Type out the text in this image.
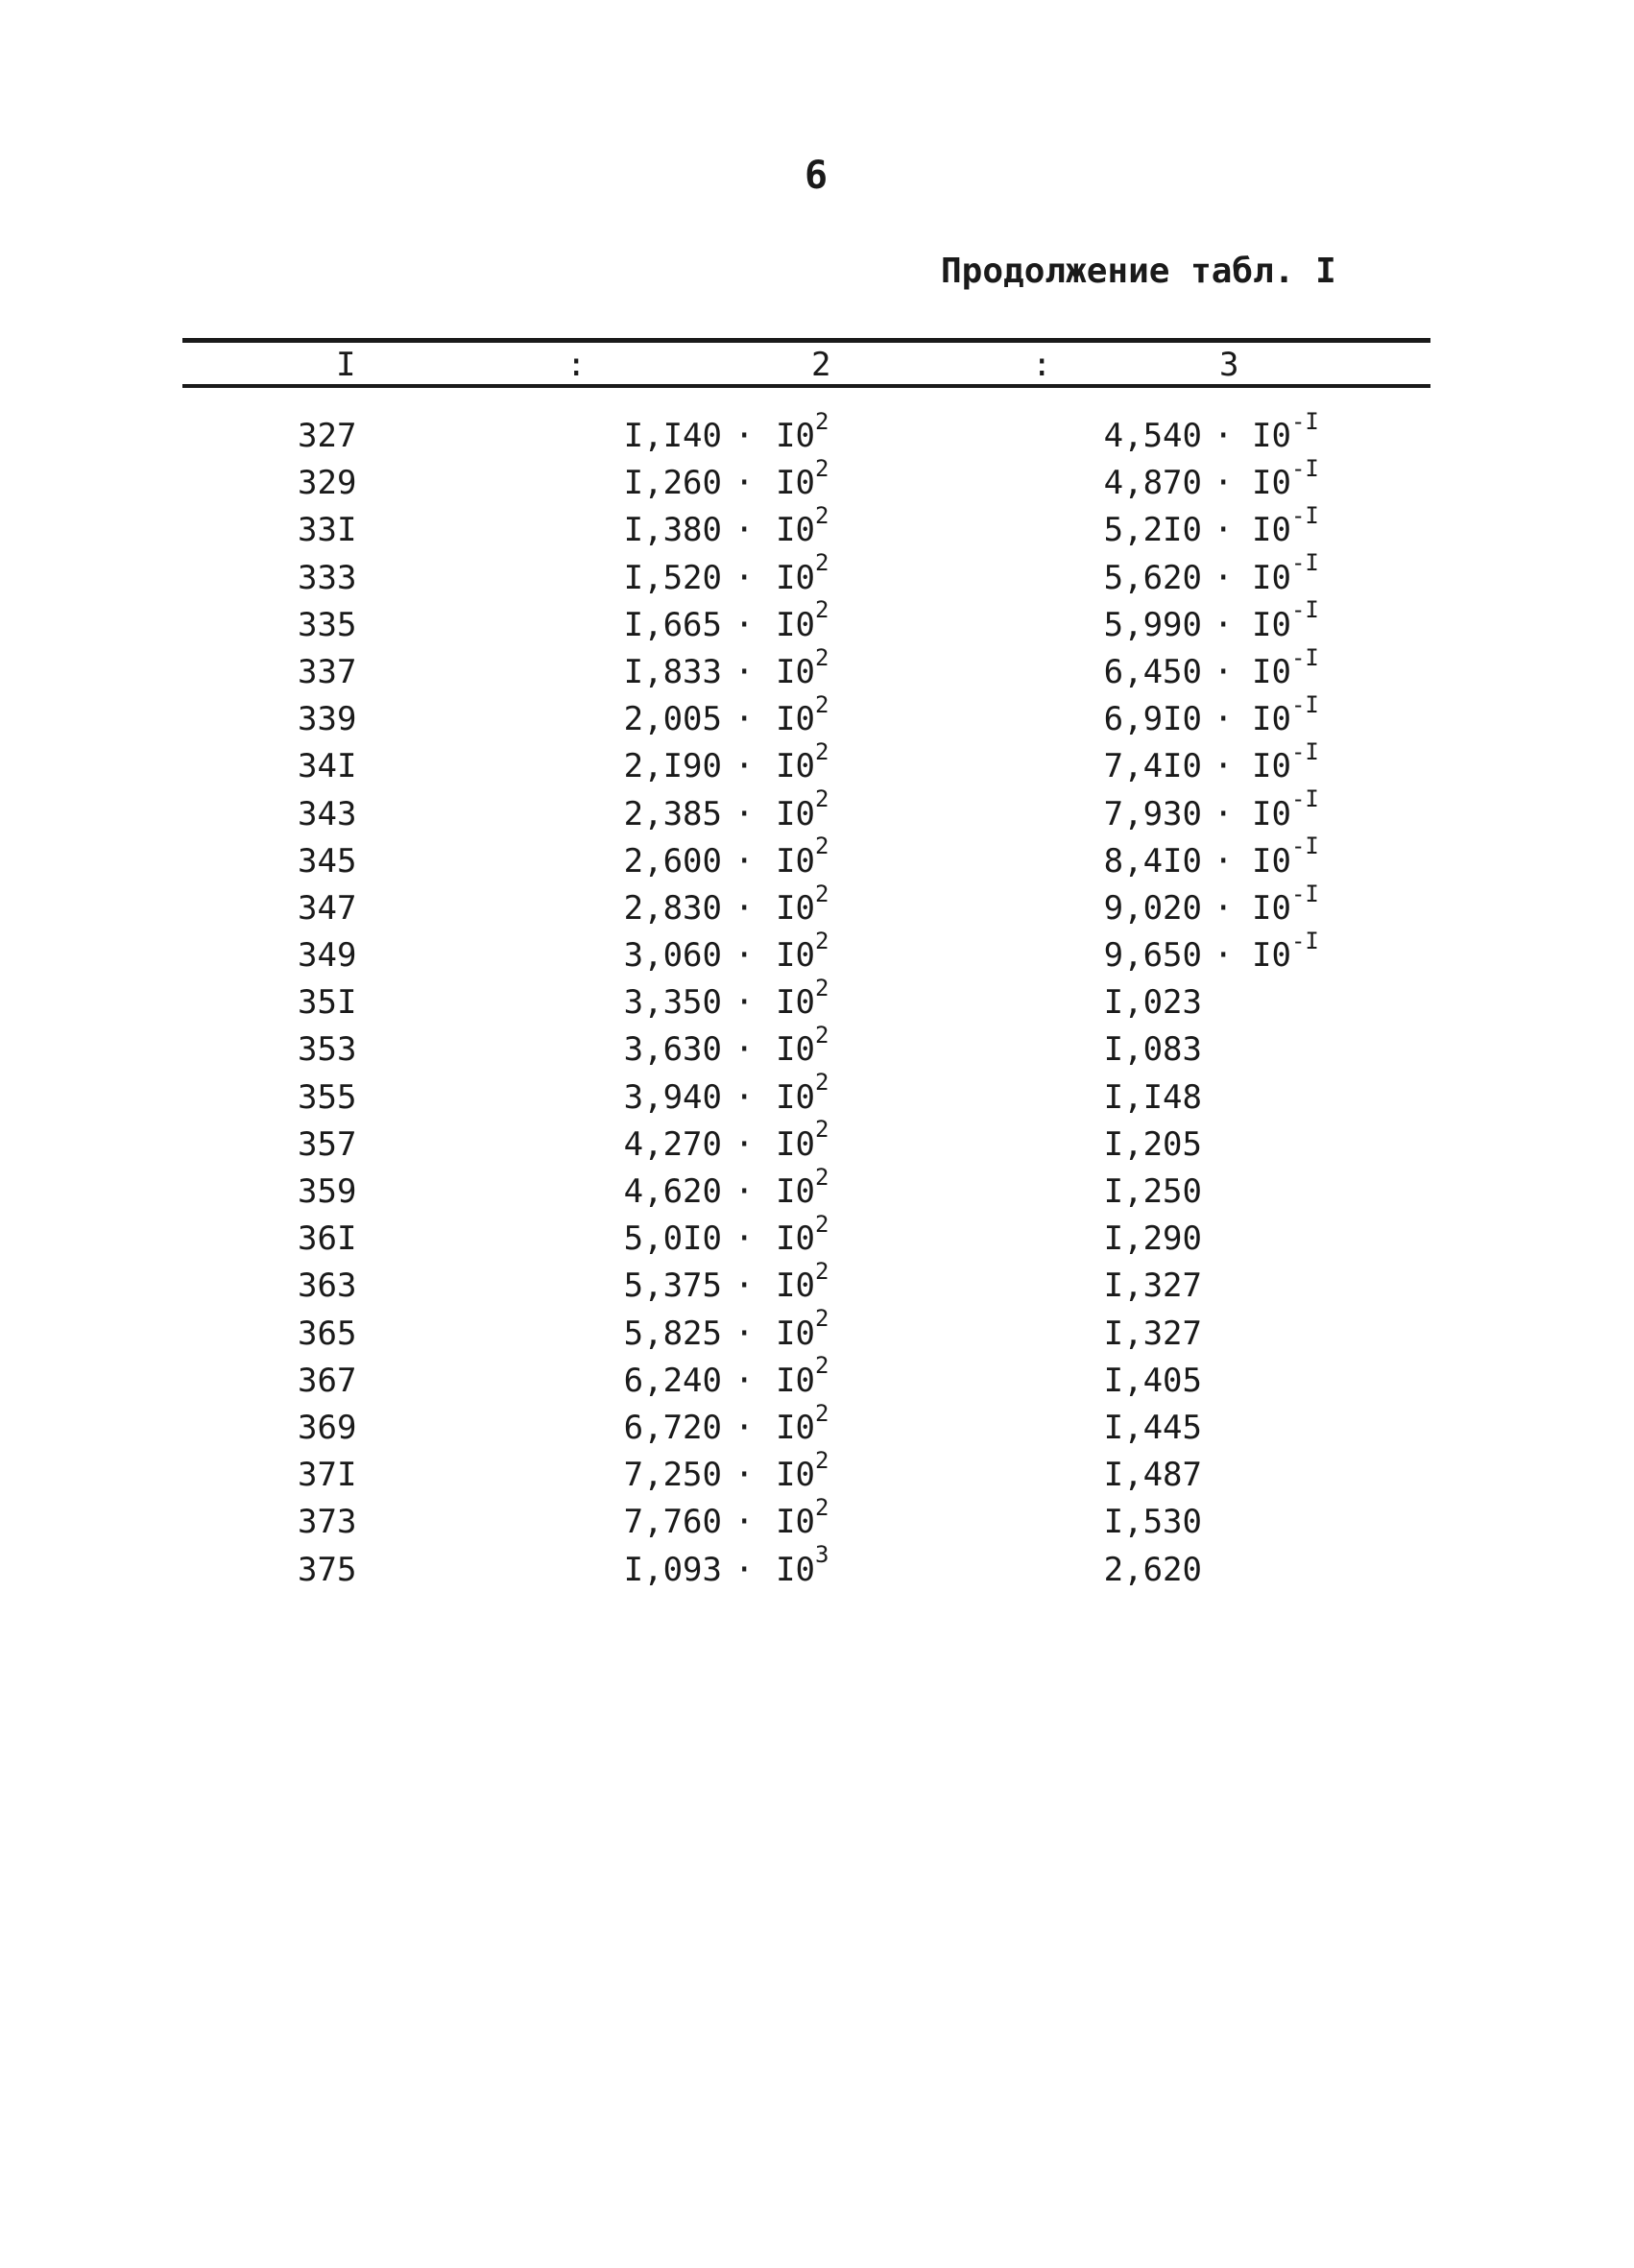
6
Продолжение табл. I
I	:	2	:	3
327	$I,I40 \cdot I0^2$	$4,540 \cdot I0^{-I}$
329	$I,260 \cdot I0^2$	$4,870 \cdot I0^{-I}$
33I	$I,380 \cdot I0^2$	$5,2I0 \cdot I0^{-I}$
333	$I,520 \cdot I0^2$	$5,620 \cdot I0^{-I}$
335	$I,665 \cdot I0^2$	$5,990 \cdot I0^{-I}$
337	$I,833 \cdot I0^2$	$6,450 \cdot I0^{-I}$
339	$2,005 \cdot I0^2$	$6,9I0 \cdot I0^{-I}$
34I	$2,I90 \cdot I0^2$	$7,4I0 \cdot I0^{-I}$
343	$2,385 \cdot I0^2$	$7,930 \cdot I0^{-I}$
345	$2,600 \cdot I0^2$	$8,4I0 \cdot I0^{-I}$
347	$2,830 \cdot I0^2$	$9,020 \cdot I0^{-I}$
349	$3,060 \cdot I0^2$	$9,650 \cdot I0^{-I}$
35I	$3,350 \cdot I0^2$	I,023
353	$3,630 \cdot I0^2$	I,083
355	$3,940 \cdot I0^2$	I,I48
357	$4,270 \cdot I0^2$	I,205
359	$4,620 \cdot I0^2$	I,250
36I	$5,0I0 \cdot I0^2$	I,290
363	$5,375 \cdot I0^2$	I,327
365	$5,825 \cdot I0^2$	I,327
367	$6,240 \cdot I0^2$	I,405
369	$6,720 \cdot I0^2$	I,445
37I	$7,250 \cdot I0^2$	I,487
373	$7,760 \cdot I0^2$	I,530
375	$I,093 \cdot I0^3$	2,620
